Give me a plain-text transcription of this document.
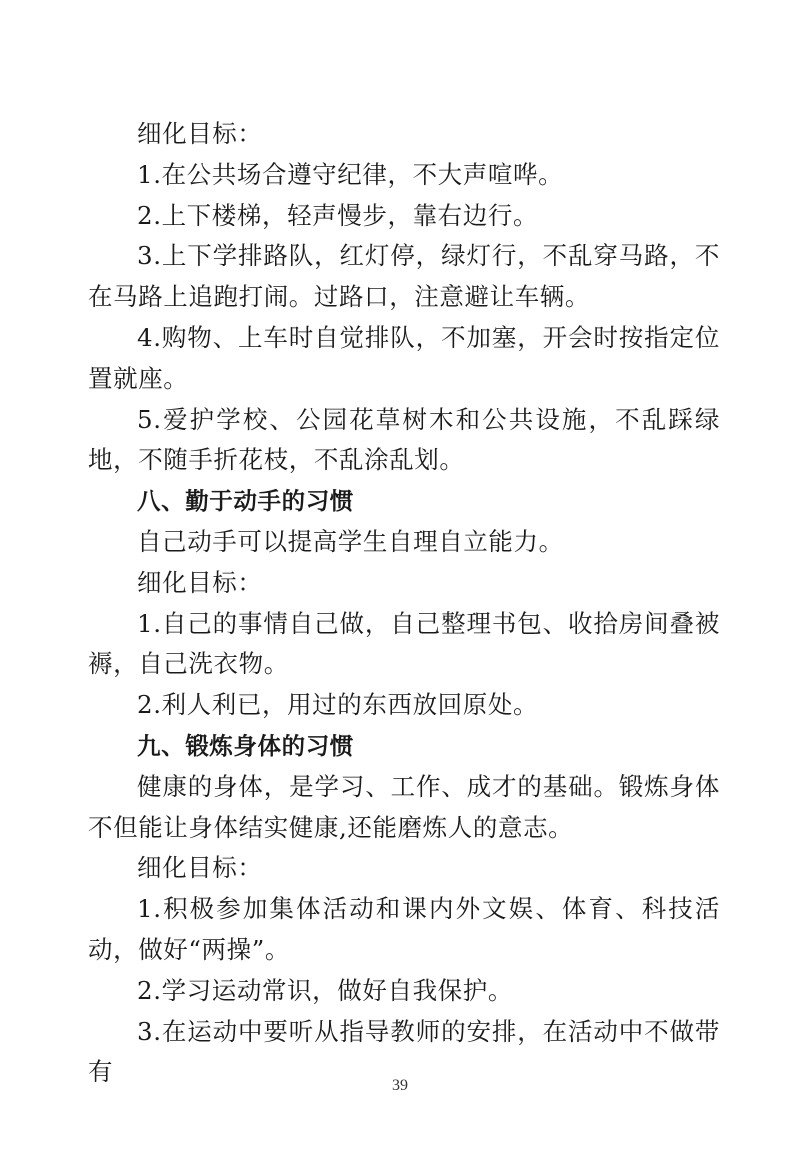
细化目标：

1.在公共场合遵守纪律，不大声喧哗。

2.上下楼梯，轻声慢步，靠右边行。

3.上下学排路队，红灯停，绿灯行，不乱穿马路，不在马路上追跑打闹。过路口，注意避让车辆。

4.购物、上车时自觉排队，不加塞，开会时按指定位置就座。

5.爱护学校、公园花草树木和公共设施，不乱踩绿地，不随手折花枝，不乱涂乱划。

八、勤于动手的习惯

自己动手可以提高学生自理自立能力。

细化目标：

1.自己的事情自己做，自己整理书包、收拾房间叠被褥，自己洗衣物。

2.利人利已，用过的东西放回原处。

九、锻炼身体的习惯

健康的身体，是学习、工作、成才的基础。锻炼身体不但能让身体结实健康,还能磨炼人的意志。

细化目标：

1.积极参加集体活动和课内外文娱、体育、科技活动，做好“两操”。

2.学习运动常识，做好自我保护。

3.在运动中要听从指导教师的安排，在活动中不做带有	39
